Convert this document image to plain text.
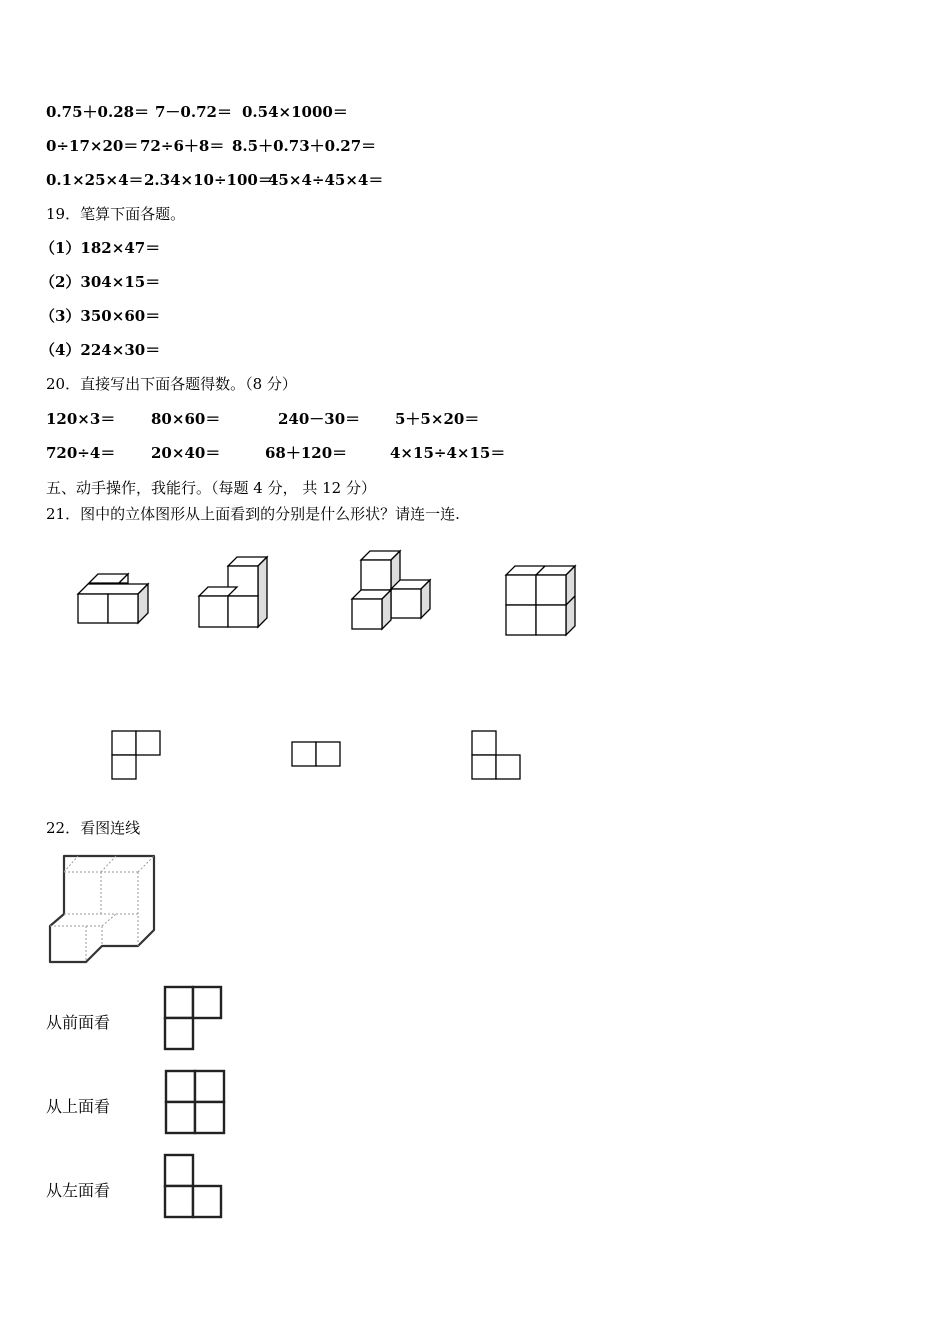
0.75＋0.28＝ 7－0.72＝ 0.54×1000＝
0÷17×20＝ 72÷6＋8＝ 8.5＋0.73＋0.27＝
0.1×25×4＝ 2.34×10÷100＝
45×4÷45×4＝
19．笔算下面各题。
（1）182×47＝
（2）304×15＝
（3）350×60＝
（4）224×30＝
20．直接写出下面各题得数。（8 分）
120×3＝ 80×60＝	240－30＝ 5＋5×20＝
720÷4＝ 20×40＝	68＋120＝	4×15÷4×15＝
五、动手操作，我能行。（每题 4 分， 共 12 分）
21．图中的立体图形从上面看到的分别是什么形状？请连一连.
22．看图连线
从前面看
从上面看
从左面看
